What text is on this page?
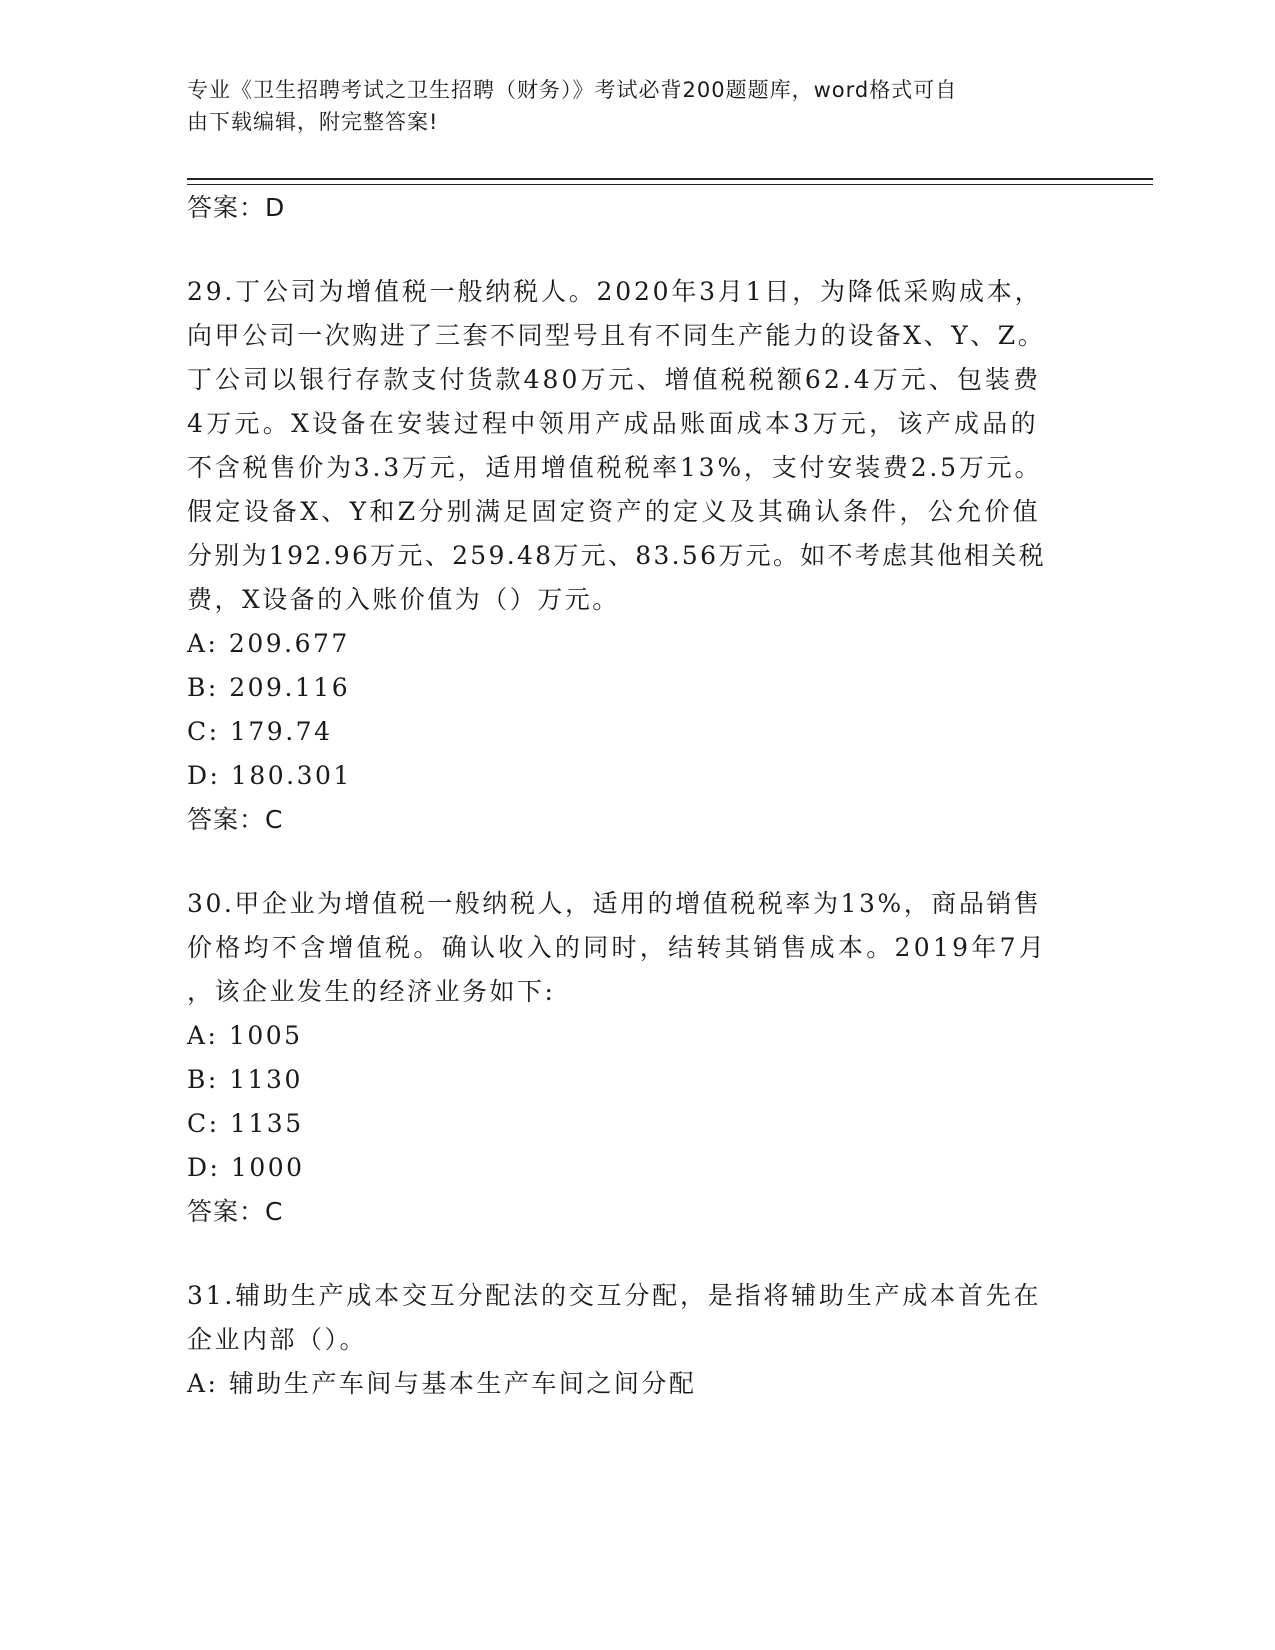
专业《卫生招聘考试之卫生招聘（财务）》考试必背200题题库，word格式可自
由下载编辑，附完整答案!
答案：D
29.丁公司为增值税一般纳税人。2020年3月1日，为降低采购成本，
向甲公司一次购进了三套不同型号且有不同生产能力的设备X、Y、Z。
丁公司以银行存款支付货款480万元、增值税税额62.4万元、包装费
4万元。X设备在安装过程中领用产成品账面成本3万元，该产成品的
不含税售价为3.3万元，适用增值税税率13%，支付安装费2.5万元。
假定设备X、Y和Z分别满足固定资产的定义及其确认条件，公允价值
分别为192.96万元、259.48万元、83.56万元。如不考虑其他相关税
费，X设备的入账价值为（）万元。
A: 209.677
B: 209.116
C: 179.74
D: 180.301
答案：C
30.甲企业为增值税一般纳税人，适用的增值税税率为13%，商品销售
价格均不含增值税。确认收入的同时，结转其销售成本。2019年7月
，该企业发生的经济业务如下:
A: 1005
B: 1130
C: 1135
D: 1000
答案：C
31.辅助生产成本交互分配法的交互分配，是指将辅助生产成本首先在
企业内部（）。
A: 辅助生产车间与基本生产车间之间分配
